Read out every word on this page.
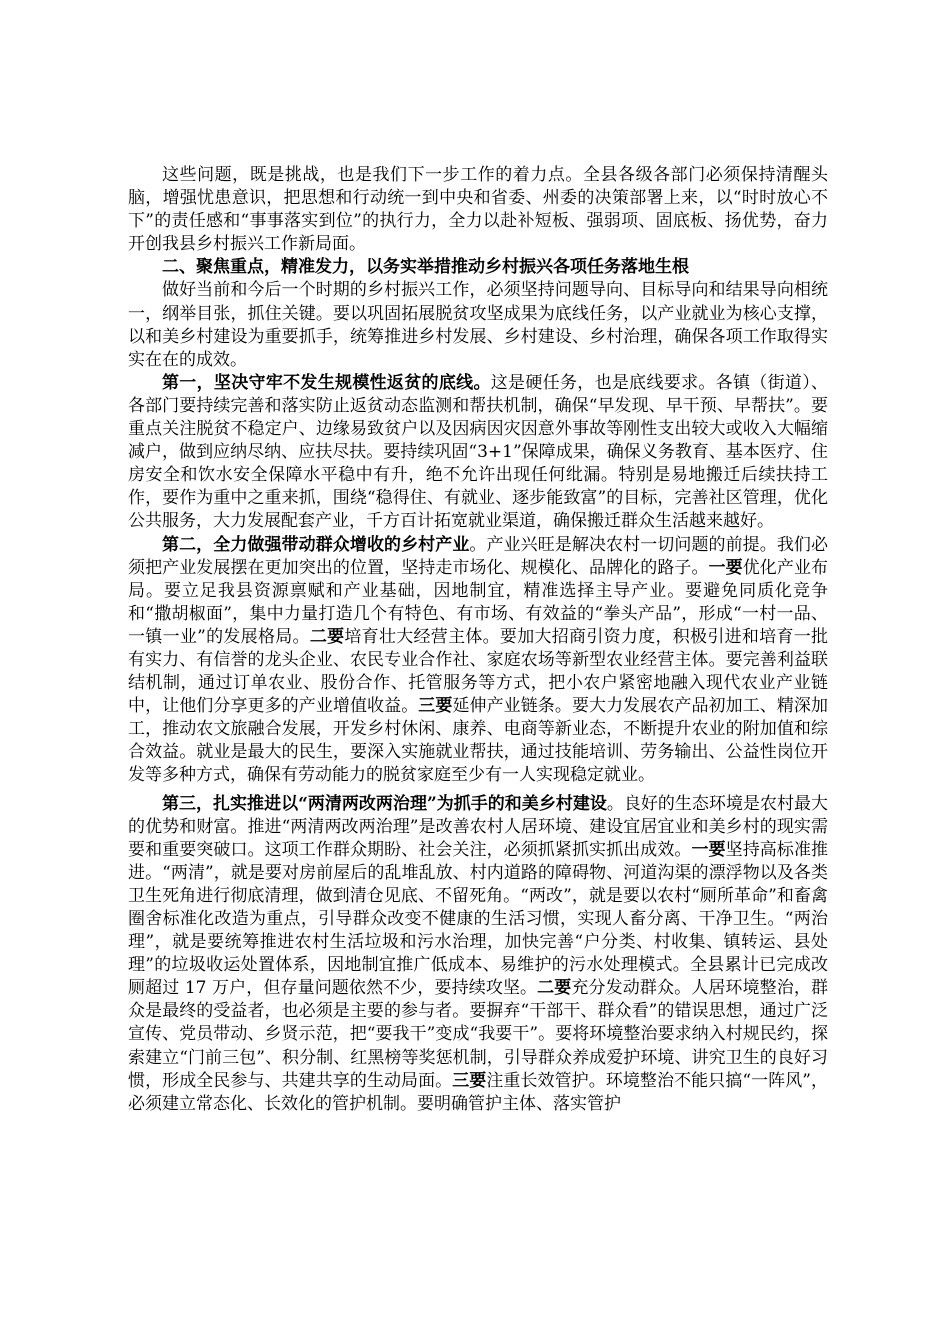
这些问题，既是挑战，也是我们下一步工作的着力点。全县各级各部门必须保持清醒头脑，增强忧患意识，把思想和行动统一到中央和省委、州委的决策部署上来，以“时时放心不下”的责任感和“事事落实到位”的执行力，全力以赴补短板、强弱项、固底板、扬优势，奋力开创我县乡村振兴工作新局面。

二、聚焦重点，精准发力，以务实举措推动乡村振兴各项任务落地生根

做好当前和今后一个时期的乡村振兴工作，必须坚持问题导向、目标导向和结果导向相统一，纲举目张，抓住关键。要以巩固拓展脱贫攻坚成果为底线任务，以产业就业为核心支撑，以和美乡村建设为重要抓手，统筹推进乡村发展、乡村建设、乡村治理，确保各项工作取得实实在在的成效。

第一，坚决守牢不发生规模性返贫的底线。这是硬任务，也是底线要求。各镇（街道）、各部门要持续完善和落实防止返贫动态监测和帮扶机制，确保“早发现、早干预、早帮扶”。要重点关注脱贫不稳定户、边缘易致贫户以及因病因灾因意外事故等刚性支出较大或收入大幅缩减户，做到应纳尽纳、应扶尽扶。要持续巩固“3+1”保障成果，确保义务教育、基本医疗、住房安全和饮水安全保障水平稳中有升，绝不允许出现任何纰漏。特别是易地搬迁后续扶持工作，要作为重中之重来抓，围绕“稳得住、有就业、逐步能致富”的目标，完善社区管理，优化公共服务，大力发展配套产业，千方百计拓宽就业渠道，确保搬迁群众生活越来越好。

第二，全力做强带动群众增收的乡村产业。产业兴旺是解决农村一切问题的前提。我们必须把产业发展摆在更加突出的位置，坚持走市场化、规模化、品牌化的路子。一要优化产业布局。要立足我县资源禀赋和产业基础，因地制宜，精准选择主导产业。要避免同质化竞争和“撒胡椒面”，集中力量打造几个有特色、有市场、有效益的“拳头产品”，形成“一村一品、一镇一业”的发展格局。二要培育壮大经营主体。要加大招商引资力度，积极引进和培育一批有实力、有信誉的龙头企业、农民专业合作社、家庭农场等新型农业经营主体。要完善利益联结机制，通过订单农业、股份合作、托管服务等方式，把小农户紧密地融入现代农业产业链中，让他们分享更多的产业增值收益。三要延伸产业链条。要大力发展农产品初加工、精深加工，推动农文旅融合发展，开发乡村休闲、康养、电商等新业态，不断提升农业的附加值和综合效益。就业是最大的民生，要深入实施就业帮扶，通过技能培训、劳务输出、公益性岗位开发等多种方式，确保有劳动能力的脱贫家庭至少有一人实现稳定就业。

第三，扎实推进以“两清两改两治理”为抓手的和美乡村建设。良好的生态环境是农村最大的优势和财富。推进“两清两改两治理”是改善农村人居环境、建设宜居宜业和美乡村的现实需要和重要突破口。这项工作群众期盼、社会关注，必须抓紧抓实抓出成效。一要坚持高标准推进。“两清”，就是要对房前屋后的乱堆乱放、村内道路的障碍物、河道沟渠的漂浮物以及各类卫生死角进行彻底清理，做到清仓见底、不留死角。“两改”，就是要以农村“厕所革命”和畜禽圈舍标准化改造为重点，引导群众改变不健康的生活习惯，实现人畜分离、干净卫生。“两治理”，就是要统筹推进农村生活垃圾和污水治理，加快完善“户分类、村收集、镇转运、县处理”的垃圾收运处置体系，因地制宜推广低成本、易维护的污水处理模式。全县累计已完成改厕超过 17 万户，但存量问题依然不少，要持续攻坚。二要充分发动群众。人居环境整治，群众是最终的受益者，也必须是主要的参与者。要摒弃“干部干、群众看”的错误思想，通过广泛宣传、党员带动、乡贤示范，把“要我干”变成“我要干”。要将环境整治要求纳入村规民约，探索建立“门前三包”、积分制、红黑榜等奖惩机制，引导群众养成爱护环境、讲究卫生的良好习惯，形成全民参与、共建共享的生动局面。三要注重长效管护。环境整治不能只搞“一阵风”，必须建立常态化、长效化的管护机制。要明确管护主体、落实管护
